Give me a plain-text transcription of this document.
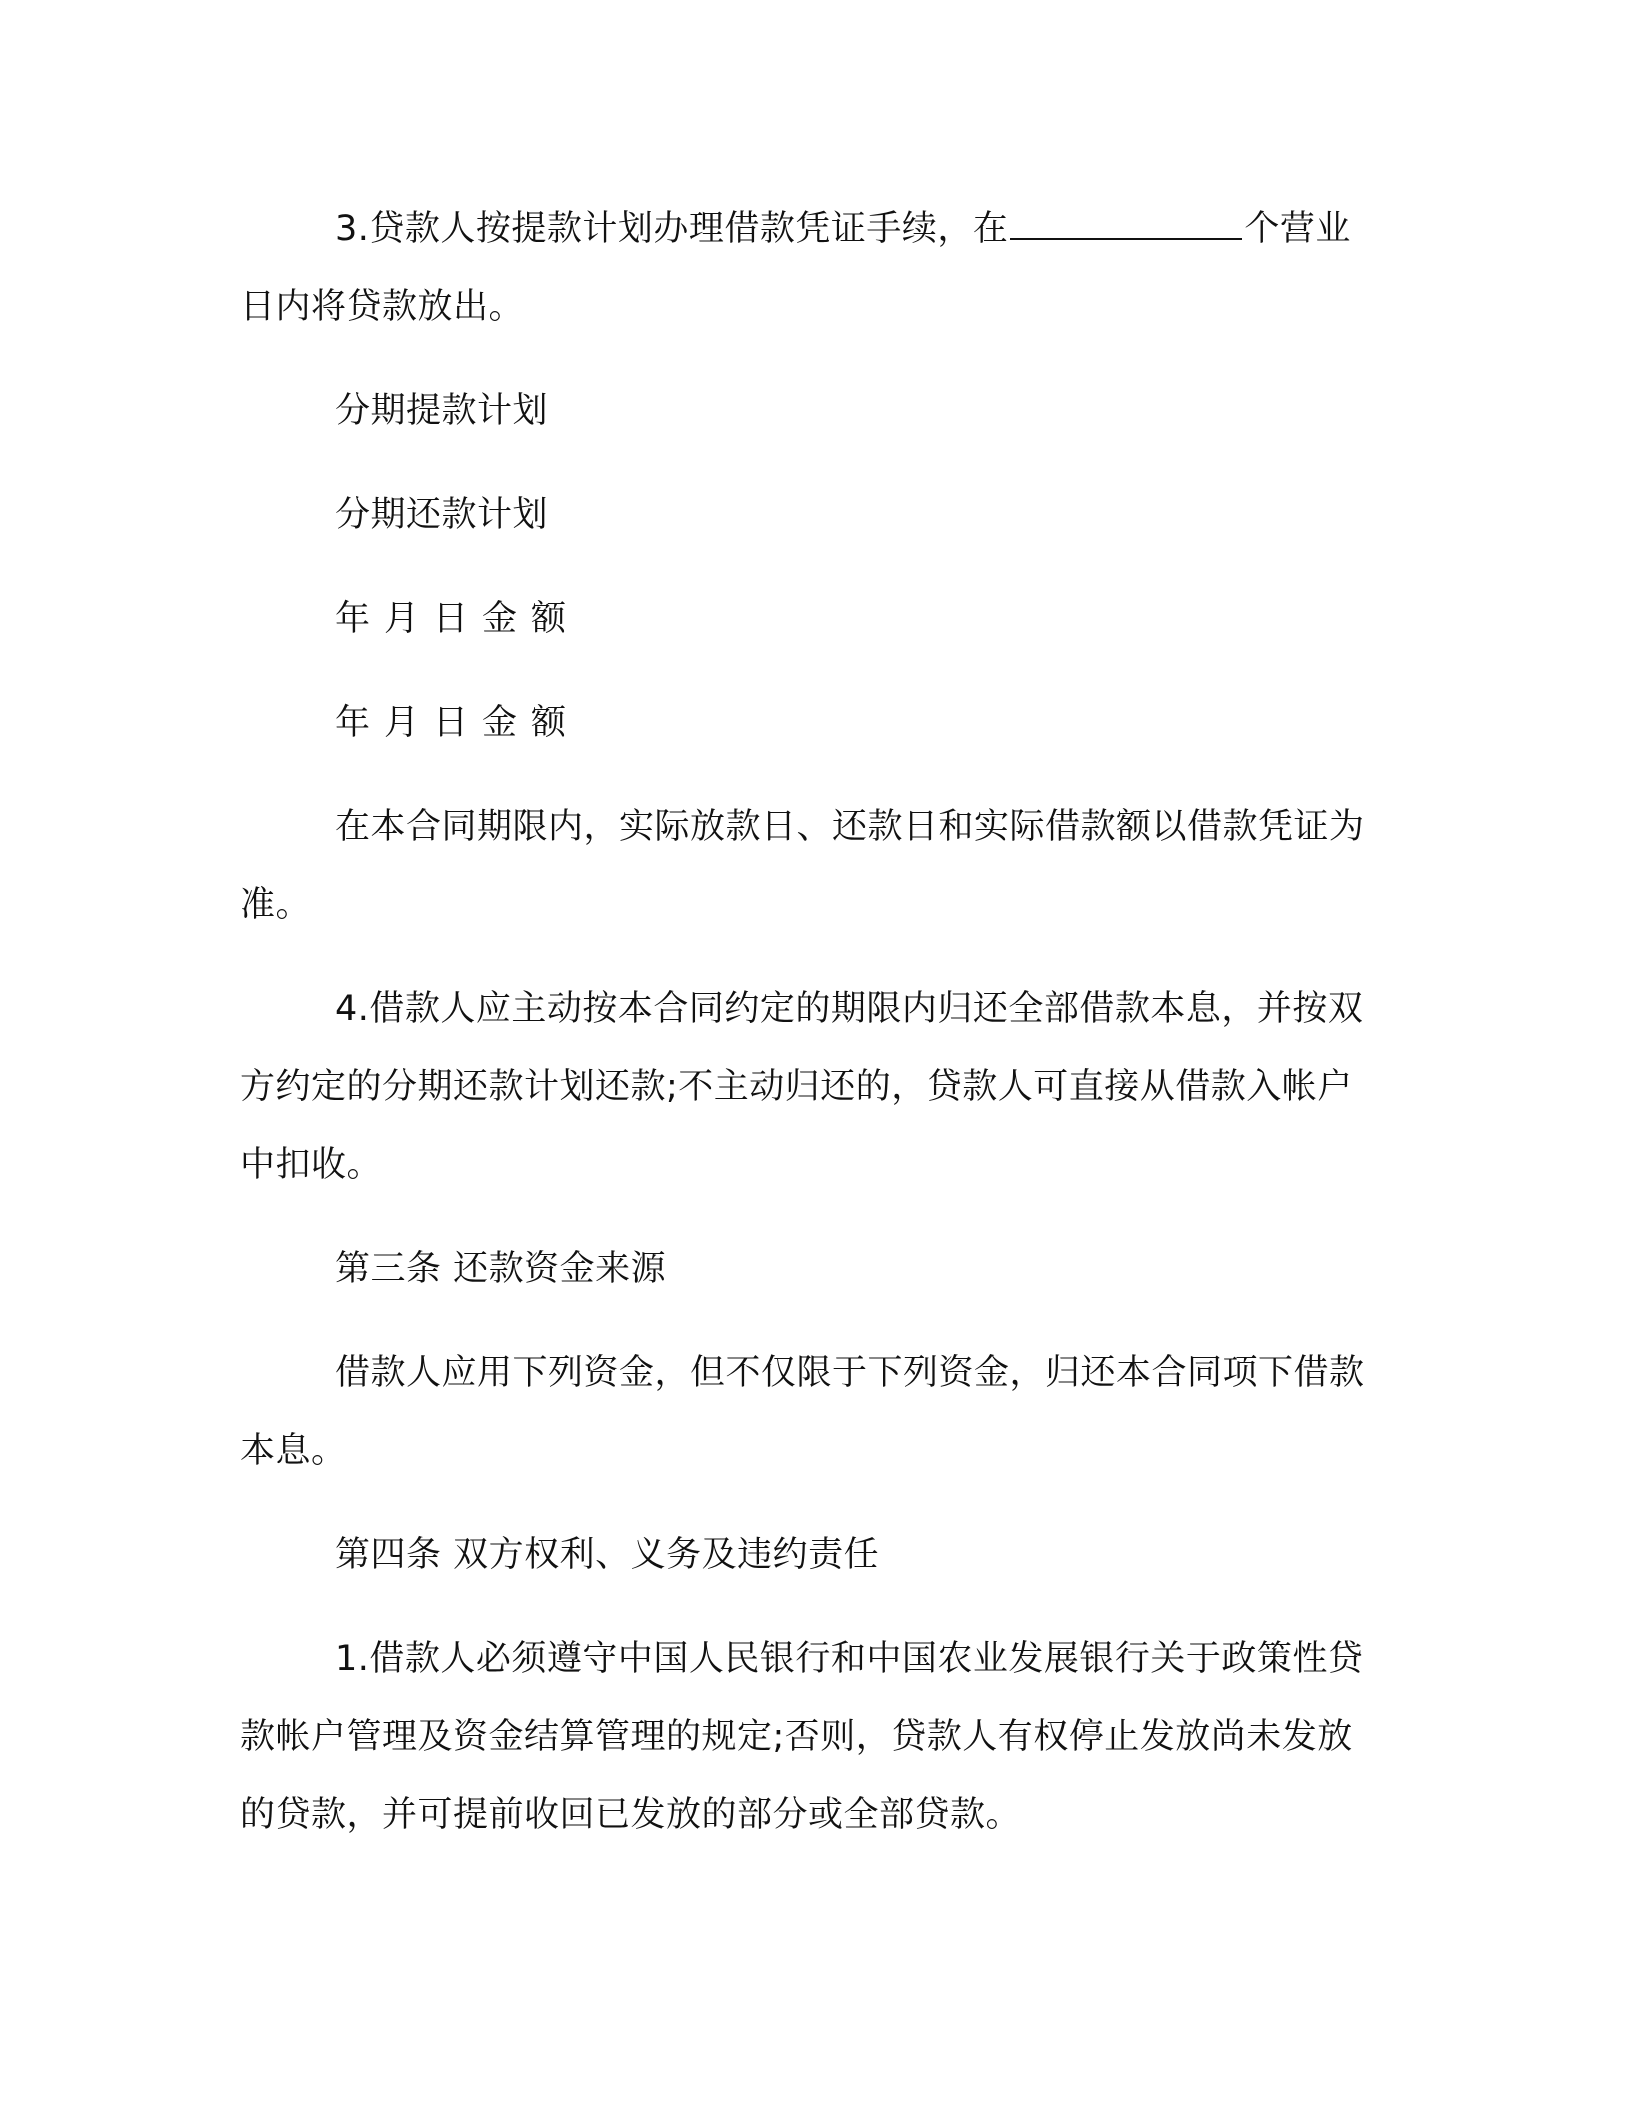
3.贷款人按提款计划办理借款凭证手续，在	个营业日内将贷款放出。

分期提款计划

分期还款计划

年月日金额

年月日金额

在本合同期限内，实际放款日、还款日和实际借款额以借款凭证为准。

4.借款人应主动按本合同约定的期限内归还全部借款本息，并按双方约定的分期还款计划还款;不主动归还的，贷款人可直接从借款入帐户中扣收。

第三条 还款资金来源

借款人应用下列资金，但不仅限于下列资金，归还本合同项下借款本息。

第四条 双方权利、义务及违约责任

1.借款人必须遵守中国人民银行和中国农业发展银行关于政策性贷款帐户管理及资金结算管理的规定;否则，贷款人有权停止发放尚未发放的贷款，并可提前收回已发放的部分或全部贷款。
